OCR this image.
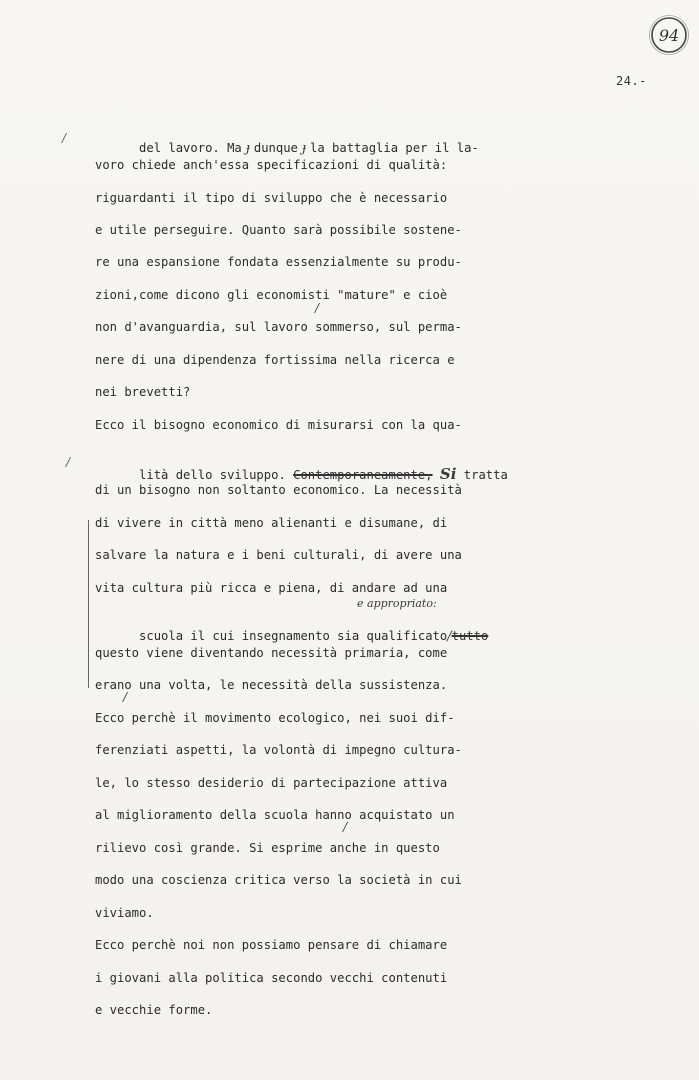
94
24.-
/
/

del lavoro. Ma ɟ dunque ɟ la battaglia per il la-

voro chiede anch'essa specificazioni di qualità:
riguardanti il tipo di sviluppo che è necessario
e utile perseguire. Quanto sarà possibile sostene-
re una espansione fondata essenzialmente su produ-
zioni,come dicono gli economisti "mature" e cioè
/
non d'avanguardia, sul lavoro sommerso, sul perma-
nere di una dipendenza fortissima nella ricerca e
nei brevetti?
Ecco il bisogno economico di misurarsi con la qua-

lità dello sviluppo. Contemporaneamente, Si tratta

di un bisogno non soltanto economico. La necessità
di vivere in città meno alienanti e disumane, di
salvare la natura e i beni culturali, di avere una
vita cultura più ricca e piena, di andare ad una
e appropriato:

scuola il cui insegnamento sia qualificato/tutto

questo viene diventando necessità primaria, come
erano una volta, le necessità della sussistenza.
/
Ecco perchè il movimento ecologico, nei suoi dif-
ferenziati aspetti, la volontà di impegno cultura-
le, lo stesso desiderio di partecipazione attiva
al miglioramento della scuola hanno acquistato un
/
rilievo così grande. Si esprime anche in questo
modo una coscienza critica verso la società in cui
viviamo.
Ecco perchè noi non possiamo pensare di chiamare
i giovani alla politica secondo vecchi contenuti
e vecchie forme.
